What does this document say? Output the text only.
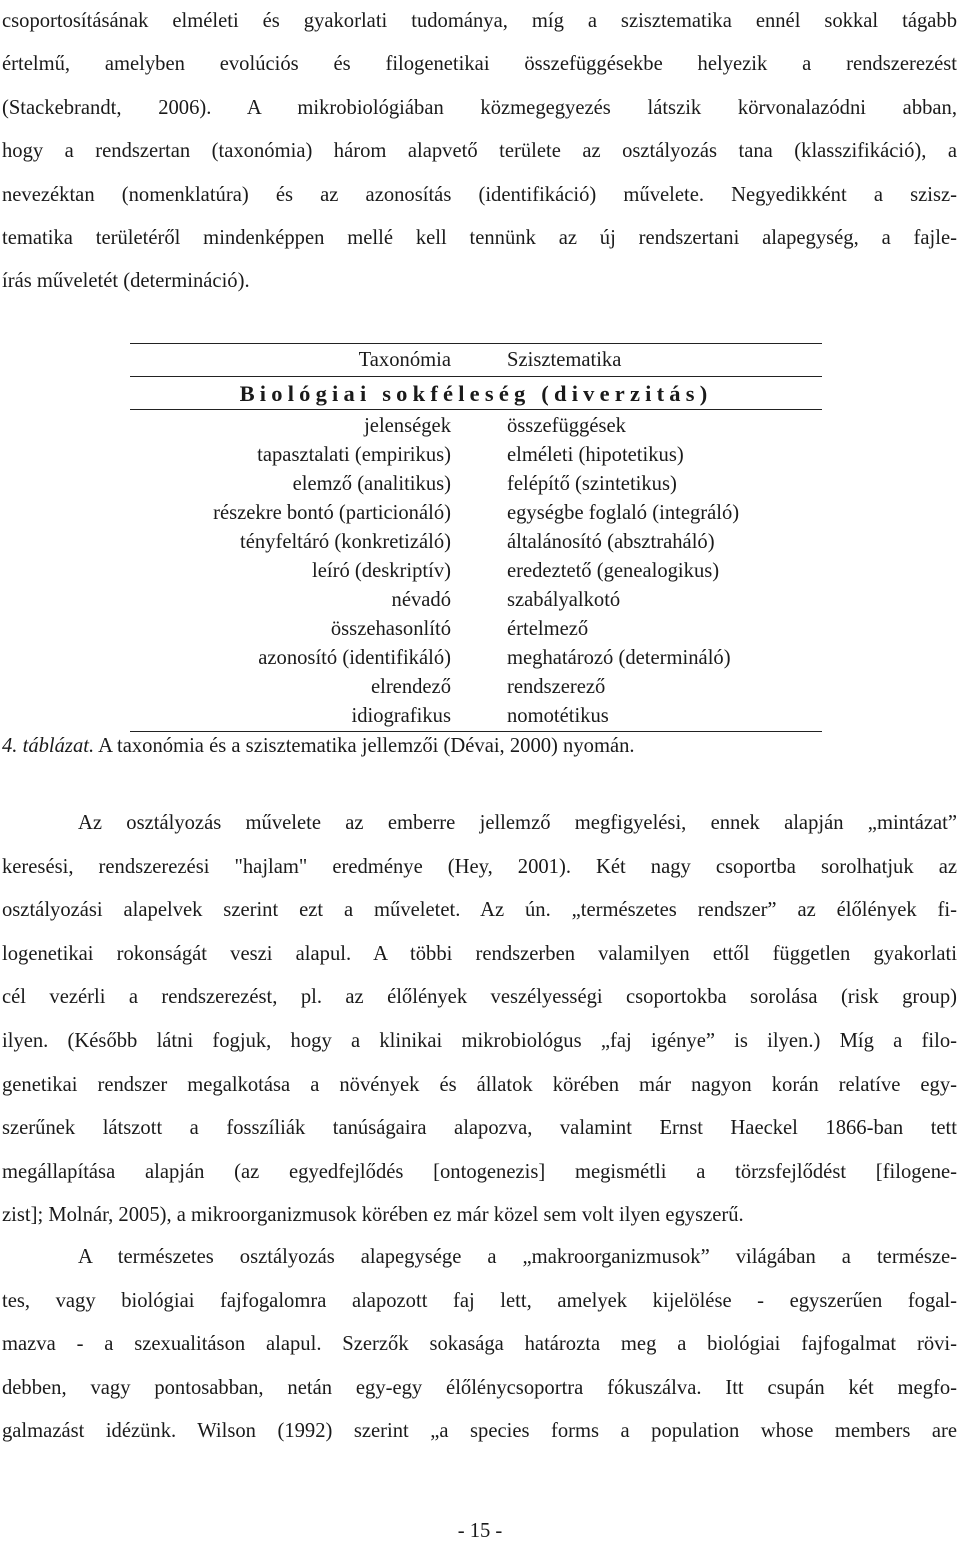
csoportosításának elméleti és gyakorlati tudománya, míg a szisztematika ennél sokkal tágabb
értelmű, amelyben evolúciós és filogenetikai összefüggésekbe helyezik a rendszerezést
(Stackebrandt, 2006). A mikrobiológiában közmegegyezés látszik körvonalazódni abban,
hogy a rendszertan (taxonómia) három alapvető területe az osztályozás tana (klasszifikáció), a
nevezéktan (nomenklatúra) és az azonosítás (identifikáció) művelete. Negyedikként a szisz-
tematika területéről mindenképpen mellé kell tennünk az új rendszertani alapegység, a fajle-
írás műveletét (determináció).
Taxonómia	Szisztematika
Biológiai sokféleség (diverzitás)
jelenségek	összefüggések
tapasztalati (empirikus)	elméleti (hipotetikus)
elemző (analitikus)	felépítő (szintetikus)
részekre bontó (particionáló)	egységbe foglaló (integráló)
tényfeltáró (konkretizáló)	általánosító (absztraháló)
leíró (deskriptív)	eredeztető (genealogikus)
névadó	szabályalkotó
összehasonlító	értelmező
azonosító (identifikáló)	meghatározó (determináló)
elrendező	rendszerező
idiografikus	nomotétikus
4. táblázat. A taxonómia és a szisztematika jellemzői (Dévai, 2000) nyomán.
Az osztályozás művelete az emberre jellemző megfigyelési, ennek alapján „mintázat”
keresési, rendszerezési "hajlam" eredménye (Hey, 2001). Két nagy csoportba sorolhatjuk az
osztályozási alapelvek szerint ezt a műveletet. Az ún. „természetes rendszer” az élőlények fi-
logenetikai rokonságát veszi alapul. A többi rendszerben valamilyen ettől független gyakorlati
cél vezérli a rendszerezést, pl. az élőlények veszélyességi csoportokba sorolása (risk group)
ilyen. (Később látni fogjuk, hogy a klinikai mikrobiológus „faj igénye” is ilyen.) Míg a filo-
genetikai rendszer megalkotása a növények és állatok körében már nagyon korán relatíve egy-
szerűnek látszott a fosszíliák tanúságaira alapozva, valamint Ernst Haeckel 1866-ban tett
megállapítása alapján (az egyedfejlődés [ontogenezis] megismétli a törzsfejlődést [filogene-
zist]; Molnár, 2005), a mikroorganizmusok körében ez már közel sem volt ilyen egyszerű.
A természetes osztályozás alapegysége a „makroorganizmusok” világában a természe-
tes, vagy biológiai fajfogalomra alapozott faj lett, amelyek kijelölése - egyszerűen fogal-
mazva - a szexualitáson alapul. Szerzők sokasága határozta meg a biológiai fajfogalmat rövi-
debben, vagy pontosabban, netán egy-egy élőlénycsoportra fókuszálva. Itt csupán két megfo-
galmazást idézünk. Wilson (1992) szerint „a species forms a population whose members are
- 15 -
